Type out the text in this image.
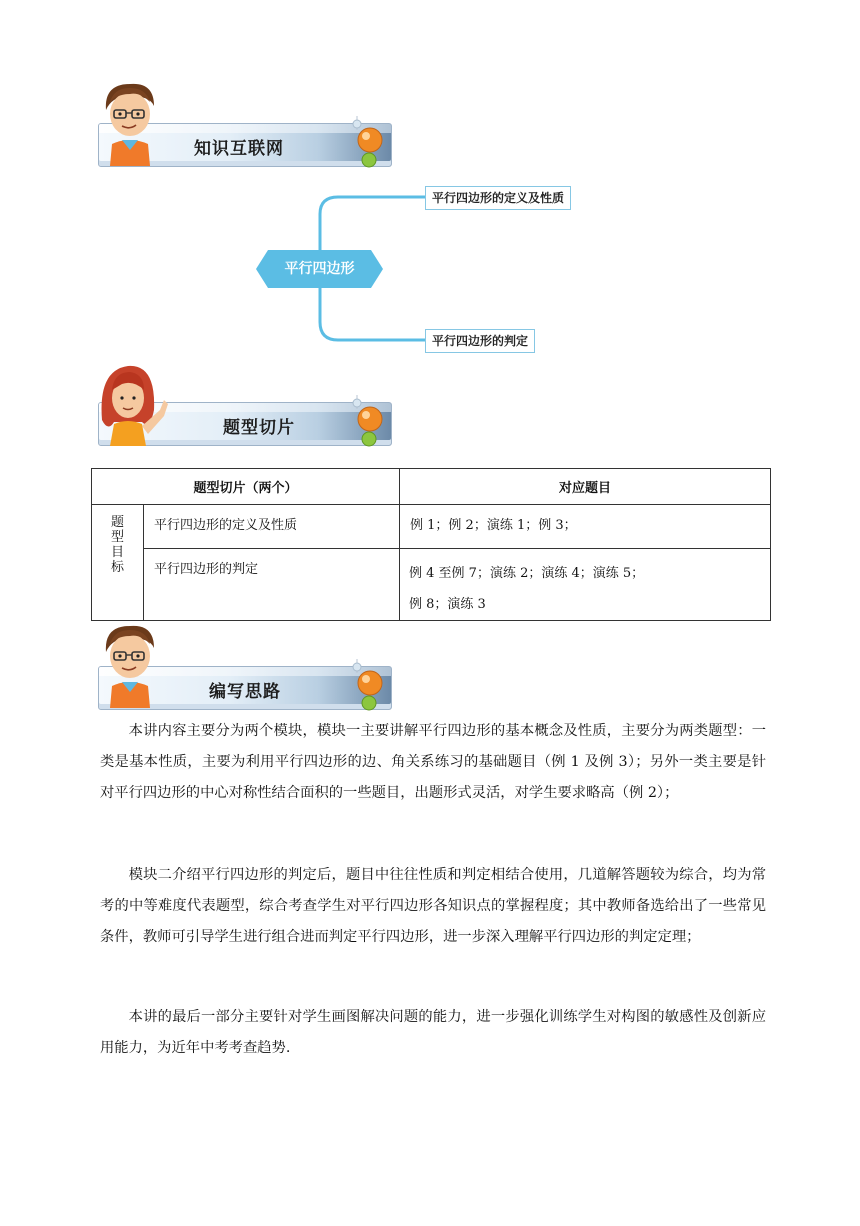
知识互联网
平行四边形的定义及性质
平行四边形的判定
平行四边形
题型切片
题型切片（两个）		对应题目

题型目标	平行四边形的定义及性质	例 1；例 2；演练 1；例 3；

	平行四边形的判定	例 4 至例 7；演练 2；演练 4；演练 5；
例 8；演练 3
编写思路

本讲内容主要分为两个模块，模块一主要讲解平行四边形的基本概念及性质，主要分为两类题型：一类是基本性质，主要为利用平行四边形的边、角关系练习的基础题目（例 1 及例 3）；另外一类主要是针对平行四边形的中心对称性结合面积的一些题目，出题形式灵活，对学生要求略高（例 2）；

模块二介绍平行四边形的判定后，题目中往往性质和判定相结合使用，几道解答题较为综合，均为常考的中等难度代表题型，综合考查学生对平行四边形各知识点的掌握程度；其中教师备选给出了一些常见条件，教师可引导学生进行组合进而判定平行四边形，进一步深入理解平行四边形的判定定理；

本讲的最后一部分主要针对学生画图解决问题的能力，进一步强化训练学生对构图的敏感性及创新应用能力，为近年中考考查趋势.
